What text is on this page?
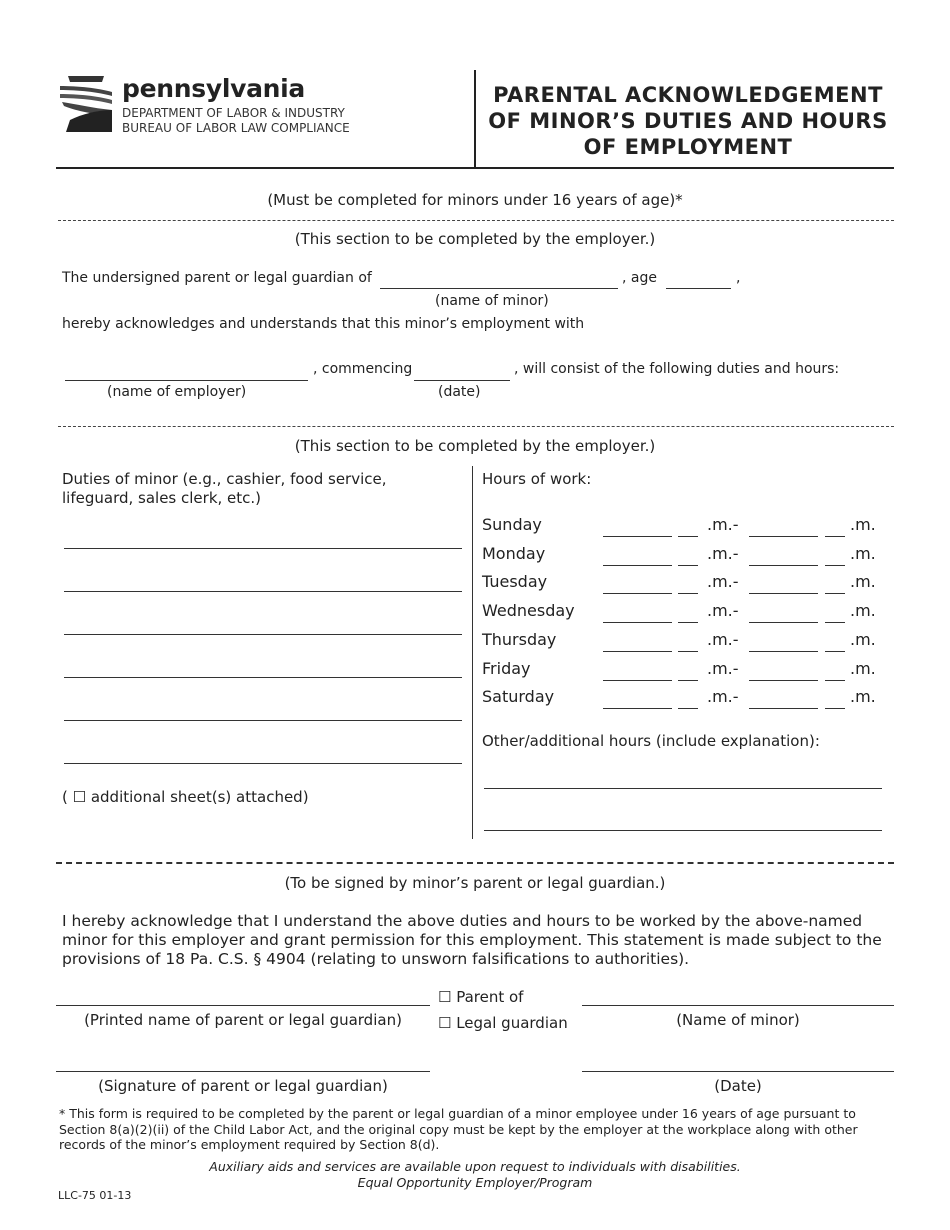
pennsylvania
DEPARTMENT OF LABOR & INDUSTRY
BUREAU OF LABOR LAW COMPLIANCE
PARENTAL ACKNOWLEDGEMENT
OF MINOR’S DUTIES AND HOURS
OF EMPLOYMENT
(Must be completed for minors under 16 years of age)*
(This section to be completed by the employer.)
The undersigned parent or legal guardian of	, age	,
(name of minor)
hereby acknowledges and understands that this minor’s employment with
, commencing	, will consist of the following duties and hours:
(name of employer)	(date)
(This section to be completed by the employer.)
Duties of minor (e.g., cashier, food service,
lifeguard, sales clerk, etc.)
( ☐ additional sheet(s) attached)
Hours of work:
Sunday	.m.-	.m.
Monday	.m.-	.m.
Tuesday	.m.-	.m.
Wednesday	.m.-	.m.
Thursday	.m.-	.m.
Friday	.m.-	.m.
Saturday	.m.-	.m.
Other/additional hours (include explanation):
(To be signed by minor’s parent or legal guardian.)
I hereby acknowledge that I understand the above duties and hours to be worked by the above-named
minor for this employer and grant permission for this employment. This statement is made subject to the
provisions of 18 Pa. C.S. § 4904 (relating to unsworn falsifications to authorities).
☐ Parent of
☐ Legal guardian
(Printed name of parent or legal guardian)	(Name of minor)
(Signature of parent or legal guardian)	(Date)
* This form is required to be completed by the parent or legal guardian of a minor employee under 16 years of age pursuant to
Section 8(a)(2)(ii) of the Child Labor Act, and the original copy must be kept by the employer at the workplace along with other
records of the minor’s employment required by Section 8(d).
Auxiliary aids and services are available upon request to individuals with disabilities.
Equal Opportunity Employer/Program
LLC-75 01-13
